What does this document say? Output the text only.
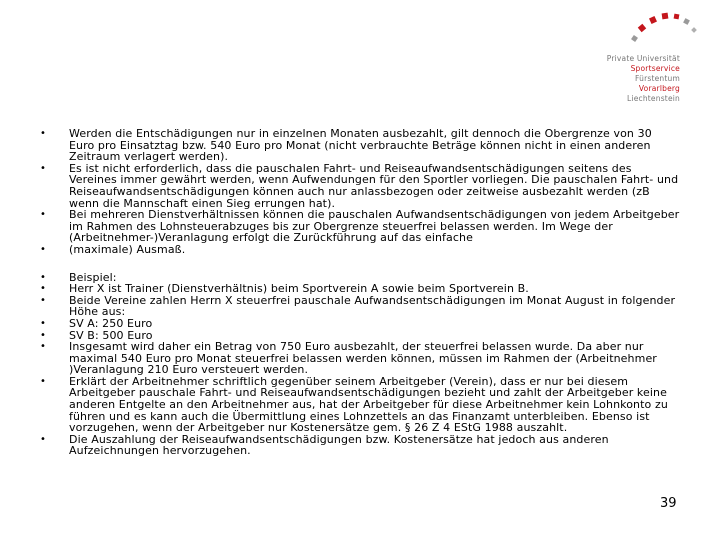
Private Universität
Sportservice
Fürstentum
Vorarlberg
Liechtenstein
• Werden die Entschädigungen nur in einzelnen Monaten ausbezahlt, gilt dennoch die Obergrenze von 30 Euro pro Einsatztag bzw. 540 Euro pro Monat (nicht verbrauchte Beträge können nicht in einen anderen Zeitraum verlagert werden).
• Es ist nicht erforderlich, dass die pauschalen Fahrt- und Reiseaufwandsentschädigungen seitens des Vereines immer gewährt werden, wenn Aufwendungen für den Sportler vorliegen. Die pauschalen Fahrt- und Reiseaufwandsentschädigungen können auch nur anlassbezogen oder zeitweise ausbezahlt werden (zB wenn die Mannschaft einen Sieg errungen hat).
• Bei mehreren Dienstverhältnissen können die pauschalen Aufwandsentschädigungen von jedem Arbeitgeber im Rahmen des Lohnsteuerabzuges bis zur Obergrenze steuerfrei belassen werden. Im Wege der (Arbeitnehmer-)Veranlagung erfolgt die Zurückführung auf das einfache
• (maximale) Ausmaß.
• Beispiel:
• Herr X ist Trainer (Dienstverhältnis) beim Sportverein A sowie beim Sportverein B.
• Beide Vereine zahlen Herrn X steuerfrei pauschale Aufwandsentschädigungen im Monat August in folgender Höhe aus:
• SV A: 250 Euro
• SV B: 500 Euro
• Insgesamt wird daher ein Betrag von 750 Euro ausbezahlt, der steuerfrei belassen wurde. Da aber nur maximal 540 Euro pro Monat steuerfrei belassen werden können, müssen im Rahmen der (Arbeitnehmer )Veranlagung 210 Euro versteuert werden.
• Erklärt der Arbeitnehmer schriftlich gegenüber seinem Arbeitgeber (Verein), dass er nur bei diesem Arbeitgeber pauschale Fahrt- und Reiseaufwandsentschädigungen bezieht und zahlt der Arbeitgeber keine anderen Entgelte an den Arbeitnehmer aus, hat der Arbeitgeber für diese Arbeitnehmer kein Lohnkonto zu führen und es kann auch die Übermittlung eines Lohnzettels an das Finanzamt unterbleiben. Ebenso ist vorzugehen, wenn der Arbeitgeber nur Kostenersätze gem. § 26 Z 4 EStG 1988 auszahlt.
• Die Auszahlung der Reiseaufwandsentschädigungen bzw. Kostenersätze hat jedoch aus anderen Aufzeichnungen hervorzugehen.
39
